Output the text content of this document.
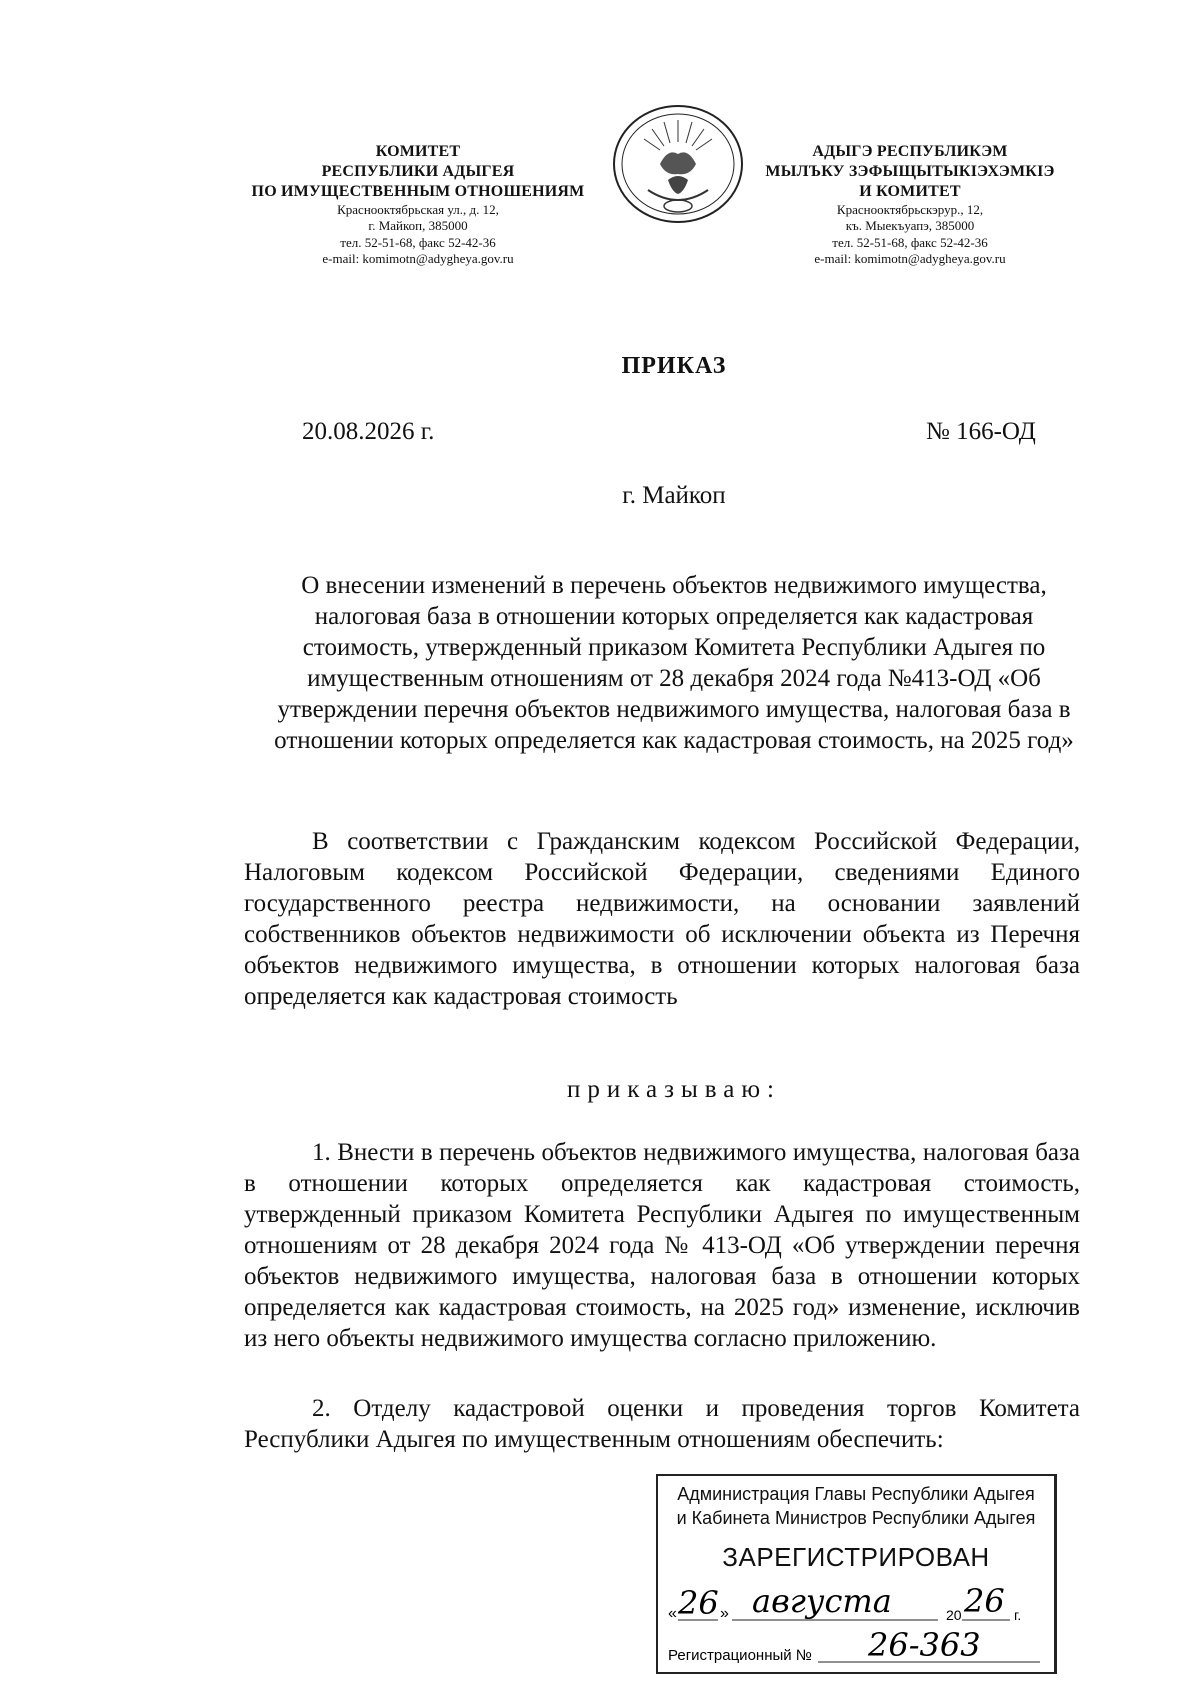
КОМИТЕТ
РЕСПУБЛИКИ АДЫГЕЯ
ПО ИМУЩЕСТВЕННЫМ ОТНОШЕНИЯМ
Краснооктябрьская ул., д. 12,
г. Майкоп, 385000
тел. 52-51-68, факс 52-42-36
e-mail: komimotn@adygheya.gov.ru
АДЫГЭ РЕСПУБЛИКЭМ
МЫЛЪКУ ЗЭФЫЩЫТЫКIЭХЭМКIЭ
И КОМИТЕТ
Краснооктябрьскэрур., 12,
къ. Мыекъуапэ, 385000
тел. 52-51-68, факс 52-42-36
e-mail: komimotn@adygheya.gov.ru
ПРИКАЗ
20.08.2026 г.	№ 166-ОД
г. Майкоп
О внесении изменений в перечень объектов недвижимого имущества, налоговая база в отношении которых определяется как кадастровая стоимость, утвержденный приказом Комитета Республики Адыгея по имущественным отношениям от 28 декабря 2024 года №413-ОД «Об утверждении перечня объектов недвижимого имущества, налоговая база в отношении которых определяется как кадастровая стоимость, на 2025 год»
В соответствии с Гражданским кодексом Российской Федерации, Налоговым кодексом Российской Федерации, сведениями Единого государственного реестра недвижимости, на основании заявлений собственников объектов недвижимости об исключении объекта из Перечня объектов недвижимого имущества, в отношении которых налоговая база определяется как кадастровая стоимость
приказываю:
1. Внести в перечень объектов недвижимого имущества, налоговая база в отношении которых определяется как кадастровая стоимость, утвержденный приказом Комитета Республики Адыгея по имущественным отношениям от 28 декабря 2024 года № 413-ОД «Об утверждении перечня объектов недвижимого имущества, налоговая база в отношении которых определяется как кадастровая стоимость, на 2025 год» изменение, исключив из него объекты недвижимого имущества согласно приложению.
2. Отделу кадастровой оценки и проведения торгов Комитета Республики Адыгея по имущественным отношениям обеспечить:
Администрация Главы Республики Адыгея
и Кабинета Министров Республики Адыгея
ЗАРЕГИСТРИРОВАН
« 26 » августа	20 26 г.
Регистрационный № 26-363
